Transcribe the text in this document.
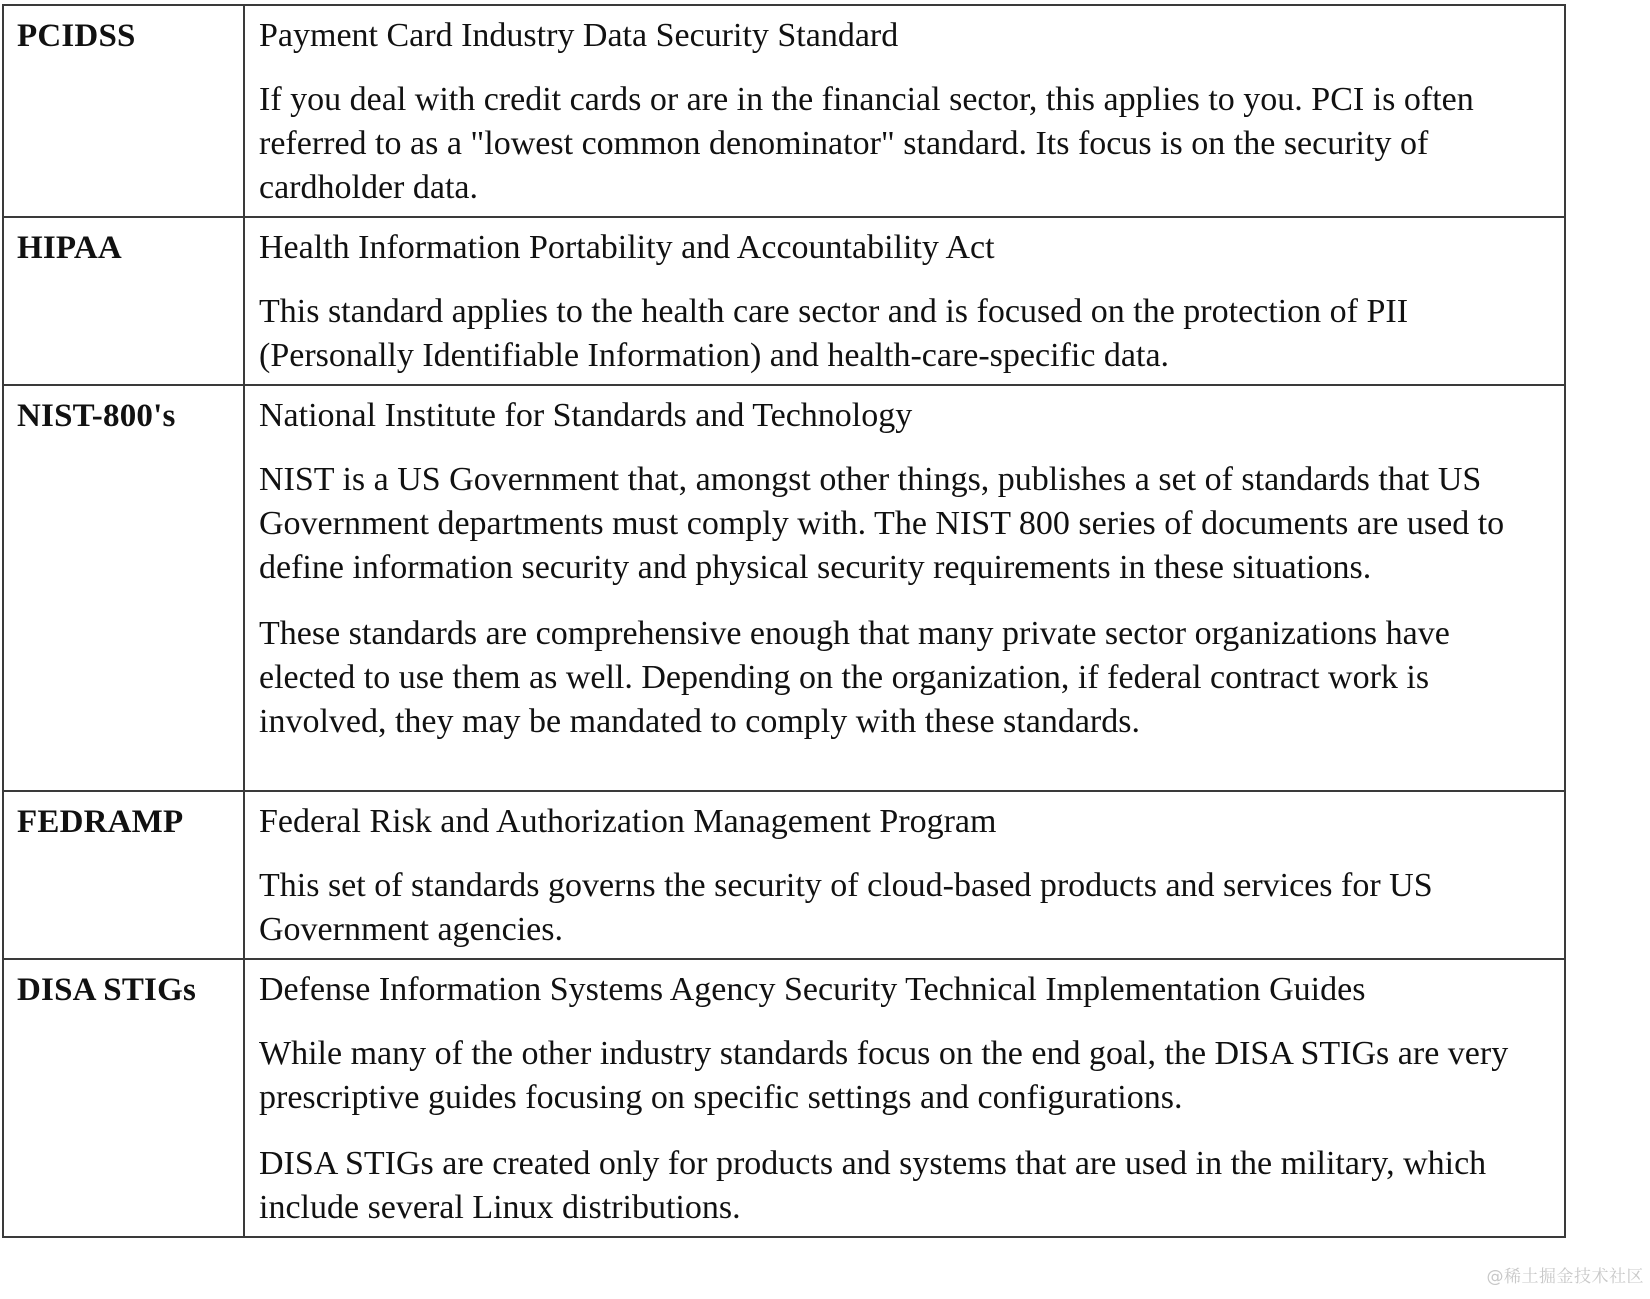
PCIDSS	Payment Card Industry Data Security Standard

If you deal with credit cards or are in the financial sector, this applies to you. PCI is often referred to as a "lowest common denominator" standard. Its focus is on the security of cardholder data.

HIPAA	Health Information Portability and Accountability Act

This standard applies to the health care sector and is focused on the protection of PII (Personally Identifiable Information) and health-care-specific data.

NIST-800's	National Institute for Standards and Technology

NIST is a US Government that, amongst other things, publishes a set of standards that US Government departments must comply with. The NIST 800 series of documents are used to define information security and physical security requirements in these situations.

These standards are comprehensive enough that many private sector organizations have elected to use them as well. Depending on the organization, if federal contract work is involved, they may be mandated to comply with these standards.

FEDRAMP	Federal Risk and Authorization Management Program

This set of standards governs the security of cloud-based products and services for US Government agencies.

DISA STIGs	Defense Information Systems Agency Security Technical Implementation Guides

While many of the other industry standards focus on the end goal, the DISA STIGs are very prescriptive guides focusing on specific settings and configurations.

DISA STIGs are created only for products and systems that are used in the military, which include several Linux distributions.

@稀土掘金技术社区
